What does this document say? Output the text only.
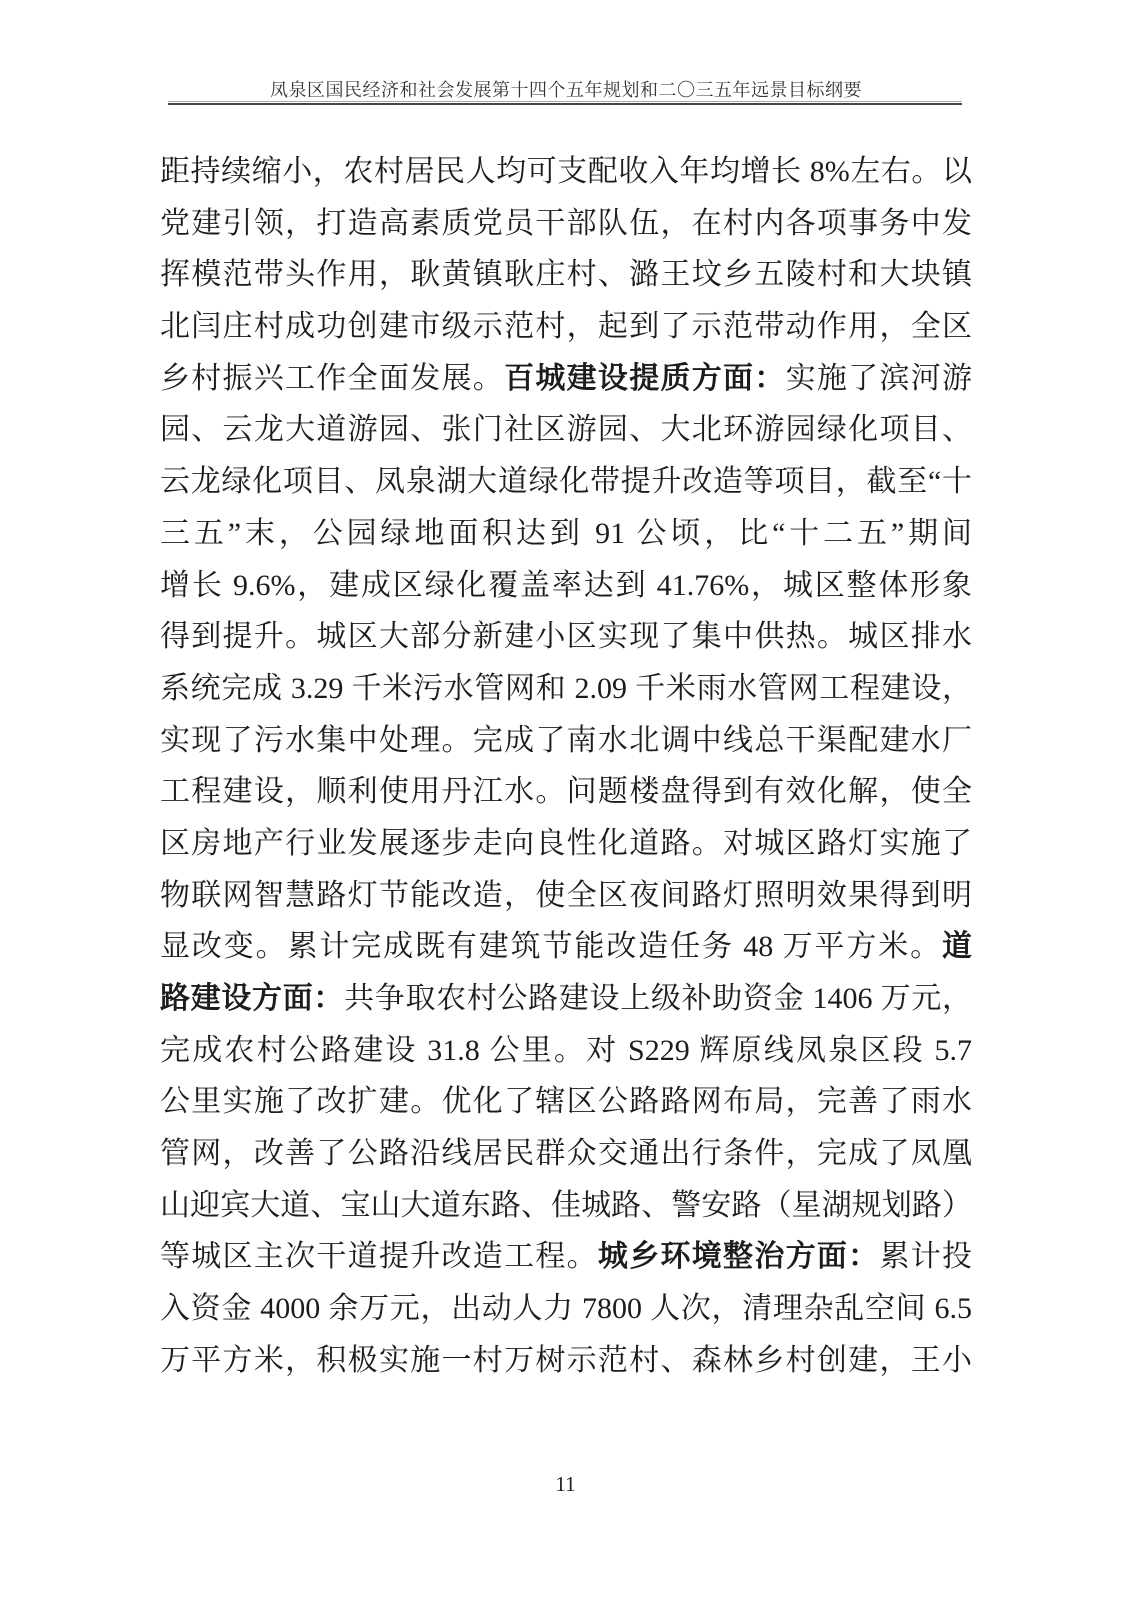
凤泉区国民经济和社会发展第十四个五年规划和二〇三五年远景目标纲要
距持续缩小，农村居民人均可支配收入年均增长 8%左右。以
党建引领，打造高素质党员干部队伍，在村内各项事务中发
挥模范带头作用，耿黄镇耿庄村、潞王坟乡五陵村和大块镇
北闫庄村成功创建市级示范村，起到了示范带动作用，全区
乡村振兴工作全面发展。百城建设提质方面：实施了滨河游
园、云龙大道游园、张门社区游园、大北环游园绿化项目、
云龙绿化项目、凤泉湖大道绿化带提升改造等项目，截至“十
三五”末，公园绿地面积达到 91 公顷，比“十二五”期间
增长 9.6%，建成区绿化覆盖率达到 41.76%，城区整体形象
得到提升。城区大部分新建小区实现了集中供热。城区排水
系统完成 3.29 千米污水管网和 2.09 千米雨水管网工程建设，
实现了污水集中处理。完成了南水北调中线总干渠配建水厂
工程建设，顺利使用丹江水。问题楼盘得到有效化解，使全
区房地产行业发展逐步走向良性化道路。对城区路灯实施了
物联网智慧路灯节能改造，使全区夜间路灯照明效果得到明
显改变。累计完成既有建筑节能改造任务 48 万平方米。道
路建设方面：共争取农村公路建设上级补助资金 1406 万元，
完成农村公路建设 31.8 公里。对 S229 辉原线凤泉区段 5.7
公里实施了改扩建。优化了辖区公路路网布局，完善了雨水
管网，改善了公路沿线居民群众交通出行条件，完成了凤凰
山迎宾大道、宝山大道东路、佳城路、警安路（星湖规划路）
等城区主次干道提升改造工程。城乡环境整治方面：累计投
入资金 4000 余万元，出动人力 7800 人次，清理杂乱空间 6.5
万平方米，积极实施一村万树示范村、森林乡村创建，王小
11
